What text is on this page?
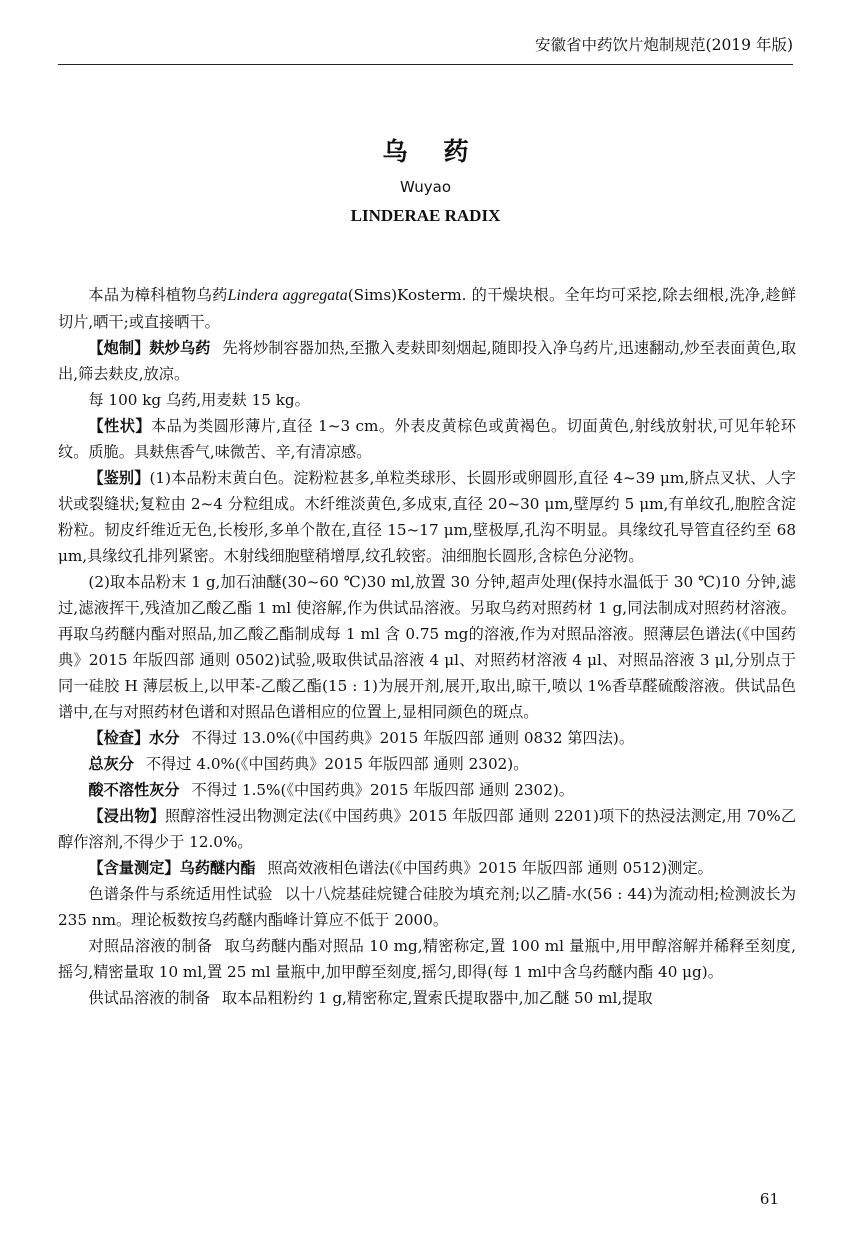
安徽省中药饮片炮制规范(2019 年版)
乌药
Wuyao
LINDERAE RADIX

本品为樟科植物乌药Lindera aggregata(Sims)Kosterm. 的干燥块根。全年均可采挖,除去细根,洗净,趁鲜切片,晒干;或直接晒干。

【炮制】麸炒乌药 先将炒制容器加热,至撒入麦麸即刻烟起,随即投入净乌药片,迅速翻动,炒至表面黄色,取出,筛去麸皮,放凉。

每 100 kg 乌药,用麦麸 15 kg。

【性状】本品为类圆形薄片,直径 1~3 cm。外表皮黄棕色或黄褐色。切面黄色,射线放射状,可见年轮环纹。质脆。具麸焦香气,味微苦、辛,有清凉感。

【鉴别】(1)本品粉末黄白色。淀粉粒甚多,单粒类球形、长圆形或卵圆形,直径 4~39 μm,脐点叉状、人字状或裂缝状;复粒由 2~4 分粒组成。木纤维淡黄色,多成束,直径 20~30 μm,壁厚约 5 μm,有单纹孔,胞腔含淀粉粒。韧皮纤维近无色,长梭形,多单个散在,直径 15~17 μm,壁极厚,孔沟不明显。具缘纹孔导管直径约至 68 μm,具缘纹孔排列紧密。木射线细胞壁稍增厚,纹孔较密。油细胞长圆形,含棕色分泌物。

(2)取本品粉末 1 g,加石油醚(30~60 ℃)30 ml,放置 30 分钟,超声处理(保持水温低于 30 ℃)10 分钟,滤过,滤液挥干,残渣加乙酸乙酯 1 ml 使溶解,作为供试品溶液。另取乌药对照药材 1 g,同法制成对照药材溶液。再取乌药醚内酯对照品,加乙酸乙酯制成每 1 ml 含 0.75 mg的溶液,作为对照品溶液。照薄层色谱法(《中国药典》2015 年版四部 通则 0502)试验,吸取供试品溶液 4 μl、对照药材溶液 4 μl、对照品溶液 3 μl,分别点于同一硅胶 H 薄层板上,以甲苯-乙酸乙酯(15 : 1)为展开剂,展开,取出,晾干,喷以 1%香草醛硫酸溶液。供试品色谱中,在与对照药材色谱和对照品色谱相应的位置上,显相同颜色的斑点。

【检查】水分 不得过 13.0%(《中国药典》2015 年版四部 通则 0832 第四法)。

总灰分 不得过 4.0%(《中国药典》2015 年版四部 通则 2302)。

酸不溶性灰分 不得过 1.5%(《中国药典》2015 年版四部 通则 2302)。

【浸出物】照醇溶性浸出物测定法(《中国药典》2015 年版四部 通则 2201)项下的热浸法测定,用 70%乙醇作溶剂,不得少于 12.0%。

【含量测定】乌药醚内酯 照高效液相色谱法(《中国药典》2015 年版四部 通则 0512)测定。

色谱条件与系统适用性试验 以十八烷基硅烷键合硅胶为填充剂;以乙腈-水(56 : 44)为流动相;检测波长为 235 nm。理论板数按乌药醚内酯峰计算应不低于 2000。

对照品溶液的制备 取乌药醚内酯对照品 10 mg,精密称定,置 100 ml 量瓶中,用甲醇溶解并稀释至刻度,摇匀,精密量取 10 ml,置 25 ml 量瓶中,加甲醇至刻度,摇匀,即得(每 1 ml中含乌药醚内酯 40 μg)。

供试品溶液的制备 取本品粗粉约 1 g,精密称定,置索氏提取器中,加乙醚 50 ml,提取

61
